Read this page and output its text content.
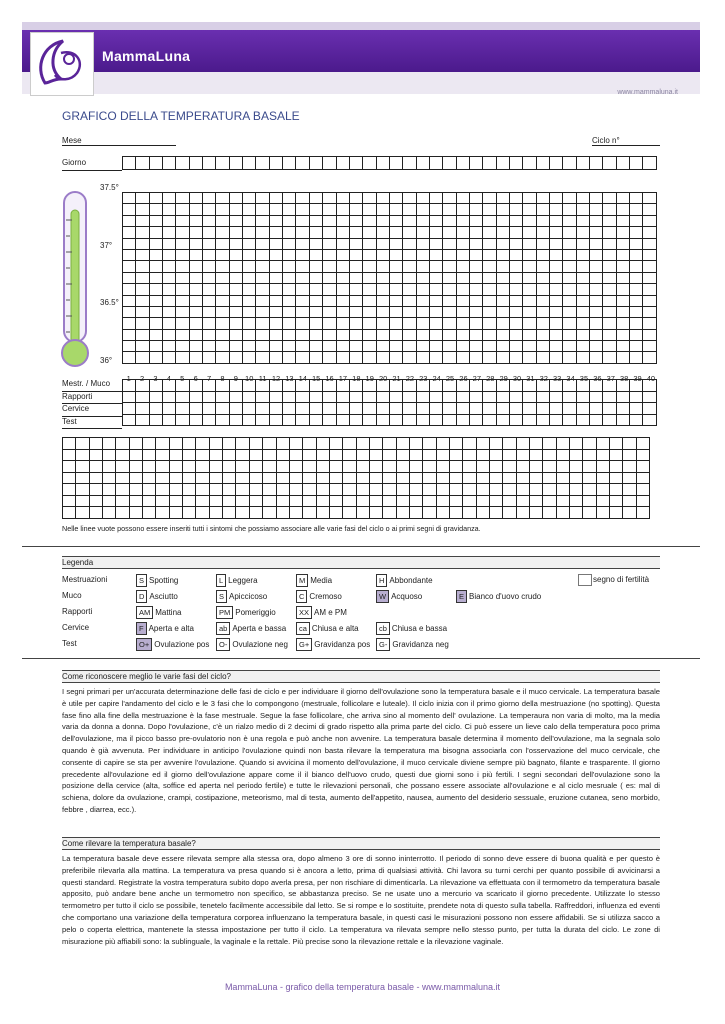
MammaLuna
www.mammaluna.it
GRAFICO DELLA TEMPERATURA BASALE
Mese	Ciclo n°
Giorno

37.5°
37°
36.5°
36°

1 2 3 4 5 6 7 8 9 10 11 12 13 14 15 16 17 18 19 20 21 22 23 24 25 26 27 28 29 30 31 32 33 34 35 36 37 38 39 40
Mestr. / Muco
Rapporti
Cervice
Test

Nelle linee vuote possono essere inseriti tutti i sintomi che possiamo associare alle varie fasi del ciclo o ai primi segni di gravidanza.
Legenda
Mestruazioni	S Spotting	L Leggera	M Media	H Abbondante
Muco	D Asciutto	S Apiccicoso	C Cremoso	W Acquoso	E Bianco d'uovo crudo
Rapporti	AM Mattina	PM Pomeriggio	XX AM e PM
Cervice	F Aperta e alta	ab Aperta e bassa	ca Chiusa e alta	cb Chiusa e bassa
Test	O+ Ovulazione pos	O- Ovulazione neg	G+ Gravidanza pos	G- Gravidanza neg
segno di fertilità
Come riconoscere meglio le varie fasi del ciclo?
I segni primari per un'accurata determinazione delle fasi de ciclo e per individuare il giorno dell'ovulazione sono la temperatura basale e il muco cervicale. La temperatura basale è utile per capire l'andamento del ciclo e le 3 fasi che lo compongono (mestruale, follicolare e luteale). Il ciclo inizia con il primo giorno della mestruazione (no spotting). Questa fase fino alla fine della mestruazione è la fase mestruale. Segue la fase follicolare, che arriva sino al momento dell' ovulazione. La temperaura non varia di molto, ma la media varia da donna a donna. Dopo l'ovulazione, c'è un rialzo medio di 2 decimi di grado rispetto alla prima parte del ciclo. Ci può essere un lieve calo della temperatura poco prima dell'ovulazione, ma il picco basso pre-ovulatorio non è una regola e può anche non avvenire. La temperatura basale determina il momento dell'ovulazione, ma la segnala solo quando è già avvenuta. Per individuare in anticipo l'ovulazione quindi non basta rilevare la temperatura ma bisogna associarla con l'osservazione del muco cervicale, che consente di capire se sta per avvenire l'ovulazione. Quando si avvicina il momento dell'ovulazione, il muco cervicale diviene sempre più bagnato, filante e trasparente. Il giorno precedente all'ovulazione ed il giorno dell'ovulazione appare come il il bianco dell'uovo crudo, questi due giorni sono i più fertili. I segni secondari dell'ovulazione sono la posizione della cervice (alta, soffice ed aperta nel periodo fertile) e tutte le rilevazioni personali, che possano essere associate all'ovulazione e al ciclo mesruale ( es: mal di schiena, dolore da ovulazione, crampi, costipazione, meteorismo, mal di testa, aumento dell'appetito, nausea, aumento del desiderio sessuale, eruzione cutanea, seno morbido, febbre , diarrea, ecc.).
Come rilevare la temperatura basale?
La temperatura basale deve essere rilevata sempre alla stessa ora, dopo almeno 3 ore di sonno ininterrotto. Il periodo di sonno deve essere di buona qualità e per questo è preferibile rilevarla alla mattina. La temperatura va presa quando si è ancora a letto, prima di qualsiasi attività. Chi lavora su turni cerchi per quanto possibile di avvicinarsi a questi standard. Registrate la vostra temperatura subito dopo averla presa, per non rischiare di dimenticarla. La rilevazione va effettuata con il termometro da temperatura basale apposito, può andare bene anche un termometro non specifico, se abbastanza preciso. Se ne usate uno a mercurio va scaricato il giorno precedente. Utilizzate lo stesso termometro per tutto il ciclo se possibile, tenetelo facilmente accessibile dal letto. Se si rompe e lo sostituite, prendete nota di questo sulla tabella. Raffreddori, influenza ed eventi che comportano una variazione della temperatura corporea influenzano la temperatura basale, in questi casi le misurazioni possono non essere affidabili. Se si utilizza sacco a pelo o coperta elettrica, mantenete la stessa impostazione per tutto il ciclo. La temperatura va rilevata sempre nello stesso punto, per tutta la durata del ciclo. Le zone di misurazione più affiabili sono: la sublinguale, la vaginale e la rettale. Più precise sono la rilevazione rettale e la rilevazione vaginale.
MammaLuna - grafico della temperatura basale - www.mammaluna.it
